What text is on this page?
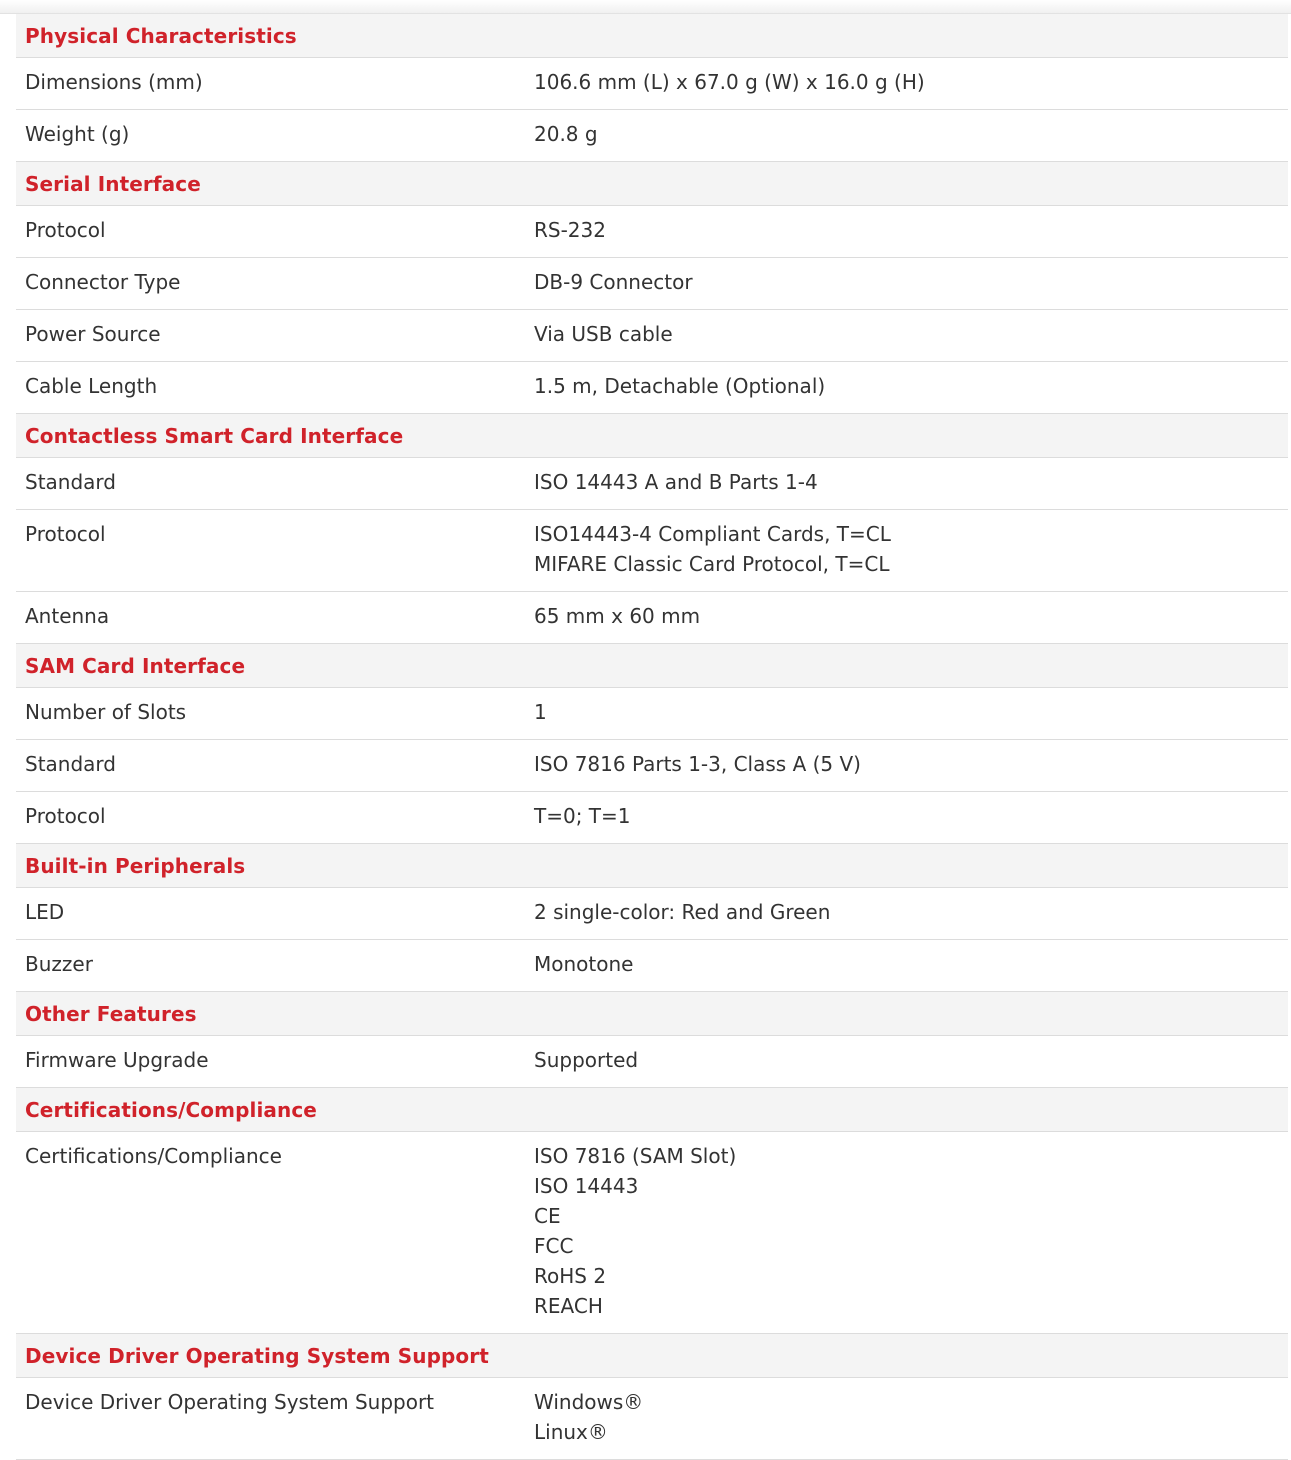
Physical Characteristics
Dimensions (mm)	106.6 mm (L) x 67.0 g (W) x 16.0 g (H)
Weight (g)	20.8 g
Serial Interface
Protocol	RS-232
Connector Type	DB-9 Connector
Power Source	Via USB cable
Cable Length	1.5 m, Detachable (Optional)
Contactless Smart Card Interface
Standard	ISO 14443 A and B Parts 1-4
Protocol	ISO14443-4 Compliant Cards, T=CL
MIFARE Classic Card Protocol, T=CL
Antenna	65 mm x 60 mm
SAM Card Interface
Number of Slots	1
Standard	ISO 7816 Parts 1-3, Class A (5 V)
Protocol	T=0; T=1
Built-in Peripherals
LED	2 single-color: Red and Green
Buzzer	Monotone
Other Features
Firmware Upgrade	Supported
Certifications/Compliance
Certifications/Compliance	ISO 7816 (SAM Slot)
ISO 14443
CE
FCC
RoHS 2
REACH
Device Driver Operating System Support
Device Driver Operating System Support	Windows®
Linux®
